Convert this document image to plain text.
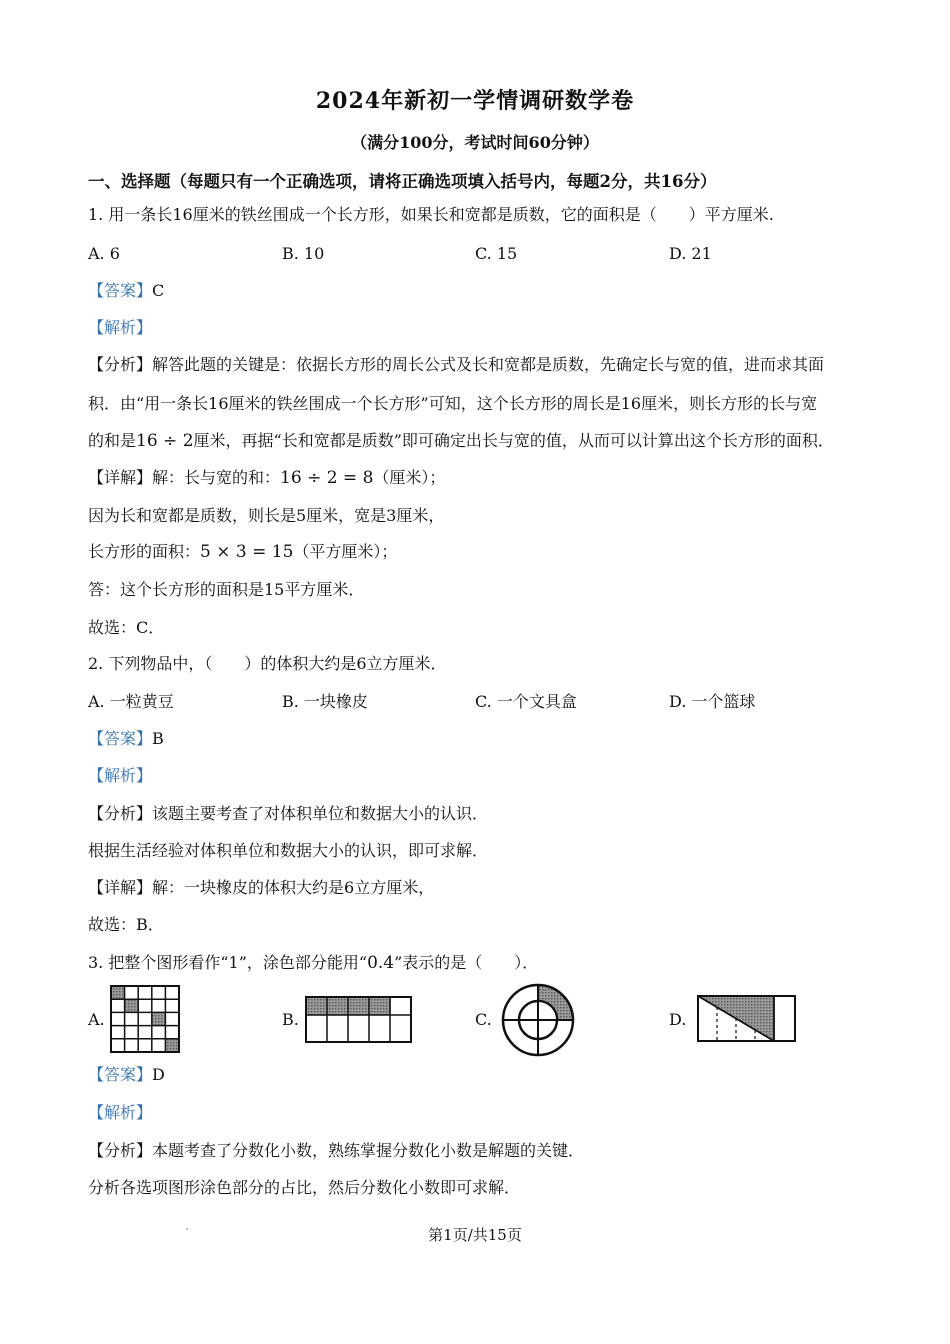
2024年新初一学情调研数学卷
（满分100分，考试时间60分钟）
一、选择题（每题只有一个正确选项，请将正确选项填入括号内，每题2分，共16分）
1. 用一条长16厘米的铁丝围成一个长方形，如果长和宽都是质数，它的面积是（　　）平方厘米.
A. 6	B. 10	C. 15	D. 21
【答案】C
【解析】
【分析】解答此题的关键是：依据长方形的周长公式及长和宽都是质数，先确定长与宽的值，进而求其面
积．由“用一条长16厘米的铁丝围成一个长方形”可知，这个长方形的周长是16厘米，则长方形的长与宽
的和是16 ÷ 2厘米，再据“长和宽都是质数”即可确定出长与宽的值，从而可以计算出这个长方形的面积．
【详解】解：长与宽的和：16 ÷ 2 = 8（厘米）；
因为长和宽都是质数，则长是5厘米，宽是3厘米，
长方形的面积：5 × 3 = 15（平方厘米）；
答：这个长方形的面积是15平方厘米．
故选：C．
2. 下列物品中，（　　）的体积大约是6立方厘米．
A. 一粒黄豆	B. 一块橡皮	C. 一个文具盒	D. 一个篮球
【答案】B
【解析】
【分析】该题主要考查了对体积单位和数据大小的认识．
根据生活经验对体积单位和数据大小的认识，即可求解．
【详解】解：一块橡皮的体积大约是6立方厘米，
故选：B．
3. 把整个图形看作“1”，涂色部分能用“0.4”表示的是（　　）．
A.	B.	C.	D.
【答案】D
【解析】
【分析】本题考查了分数化小数，熟练掌握分数化小数是解题的关键．
分析各选项图形涂色部分的占比，然后分数化小数即可求解．
第1页/共15页
